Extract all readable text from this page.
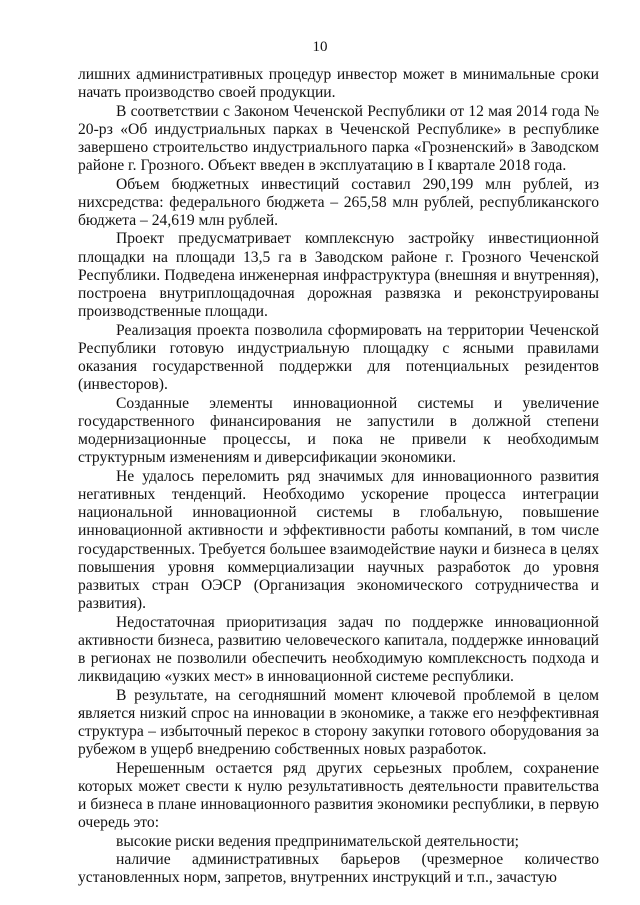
10

лишних административных процедур инвестор может в минимальные сроки начать производство своей продукции.

В соответствии с Законом Чеченской Республики от 12 мая 2014 года № 20-рз «Об индустриальных парках в Чеченской Республике» в республике завершено строительство индустриального парка «Грозненский» в Заводском районе г. Грозного. Объект введен в эксплуатацию в I квартале 2018 года.

Объем бюджетных инвестиций составил 290,199 млн рублей, из нихсредства: федерального бюджета – 265,58 млн рублей, республиканского бюджета – 24,619 млн рублей.

Проект предусматривает комплексную застройку инвестиционной площадки на площади 13,5 га в Заводском районе г. Грозного Чеченской Республики. Подведена инженерная инфраструктура (внешняя и внутренняя), построена внутриплощадочная дорожная развязка и реконструированы производственные площади.

Реализация проекта позволила сформировать на территории Чеченской Республики готовую индустриальную площадку с ясными правилами оказания государственной поддержки для потенциальных резидентов (инвесторов).

Созданные элементы инновационной системы и увеличение государственного финансирования не запустили в должной степени модернизационные процессы, и пока не привели к необходимым структурным изменениям и диверсификации экономики.

Не удалось переломить ряд значимых для инновационного развития негативных тенденций. Необходимо ускорение процесса интеграции национальной инновационной системы в глобальную, повышение инновационной активности и эффективности работы компаний, в том числе государственных. Требуется большее взаимодействие науки и бизнеса в целях повышения уровня коммерциализации научных разработок до уровня развитых стран ОЭСР (Организация экономического сотрудничества и развития).

Недостаточная приоритизация задач по поддержке инновационной активности бизнеса, развитию человеческого капитала, поддержке инноваций в регионах не позволили обеспечить необходимую комплексность подхода и ликвидацию «узких мест» в инновационной системе республики.

В результате, на сегодняшний момент ключевой проблемой в целом является низкий спрос на инновации в экономике, а также его неэффективная структура – избыточный перекос в сторону закупки готового оборудования за рубежом в ущерб внедрению собственных новых разработок.

Нерешенным остается ряд других серьезных проблем, сохранение которых может свести к нулю результативность деятельности правительства и бизнеса в плане инновационного развития экономики республики, в первую очередь это:

высокие риски ведения предпринимательской деятельности;

наличие административных барьеров (чрезмерное количество установленных норм, запретов, внутренних инструкций и т.п., зачастую
